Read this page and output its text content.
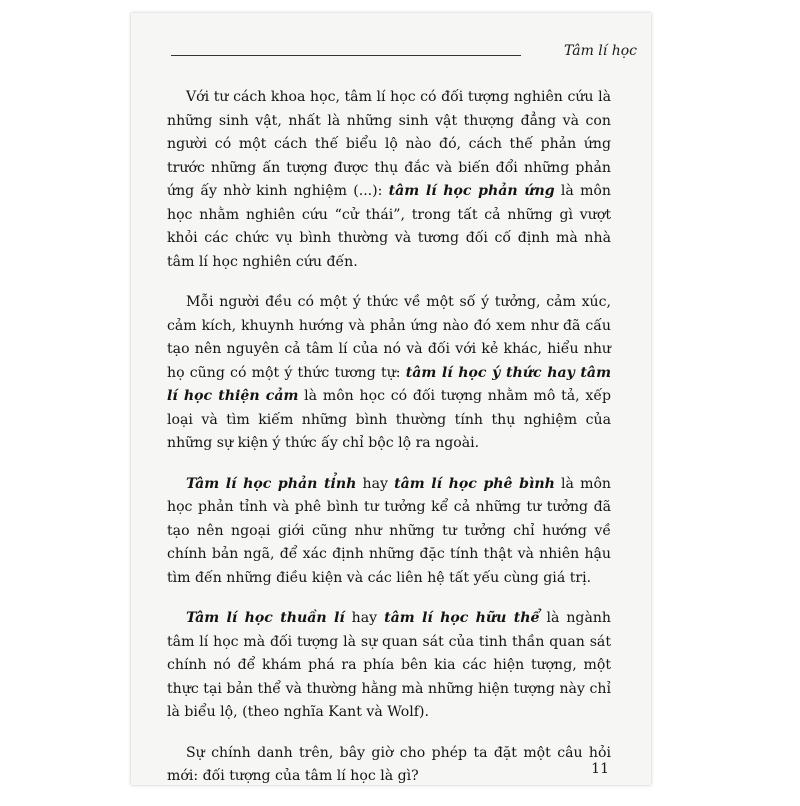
Tâm lí học

Với tư cách khoa học, tâm lí học có đối tượng nghiên cứu là những sinh vật, nhất là những sinh vật thượng đẳng và con người có một cách thế biểu lộ nào đó, cách thế phản ứng trước những ấn tượng được thụ đắc và biến đổi những phản ứng ấy nhờ kinh nghiệm (...): tâm lí học phản ứng là môn học nhằm nghiên cứu “cử thái”, trong tất cả những gì vượt khỏi các chức vụ bình thường và tương đối cố định mà nhà tâm lí học nghiên cứu đến.

Mỗi người đều có một ý thức về một số ý tưởng, cảm xúc, cảm kích, khuynh hướng và phản ứng nào đó xem như đã cấu tạo nên nguyên cả tâm lí của nó và đối với kẻ khác, hiểu như họ cũng có một ý thức tương tự: tâm lí học ý thức hay tâm lí học thiện cảm là môn học có đối tượng nhằm mô tả, xếp loại và tìm kiếm những bình thường tính thụ nghiệm của những sự kiện ý thức ấy chỉ bộc lộ ra ngoài.

Tâm lí học phản tỉnh hay tâm lí học phê bình là môn học phản tỉnh và phê bình tư tưởng kể cả những tư tưởng đã tạo nên ngoại giới cũng như những tư tưởng chỉ hướng về chính bản ngã, để xác định những đặc tính thật và nhiên hậu tìm đến những điều kiện và các liên hệ tất yếu cùng giá trị.

Tâm lí học thuần lí hay tâm lí học hữu thể là ngành tâm lí học mà đối tượng là sự quan sát của tinh thần quan sát chính nó để khám phá ra phía bên kia các hiện tượng, một thực tại bản thể và thường hằng mà những hiện tượng này chỉ là biểu lộ, (theo nghĩa Kant và Wolf).

Sự chính danh trên, bây giờ cho phép ta đặt một câu hỏi mới: đối tượng của tâm lí học là gì?	11
